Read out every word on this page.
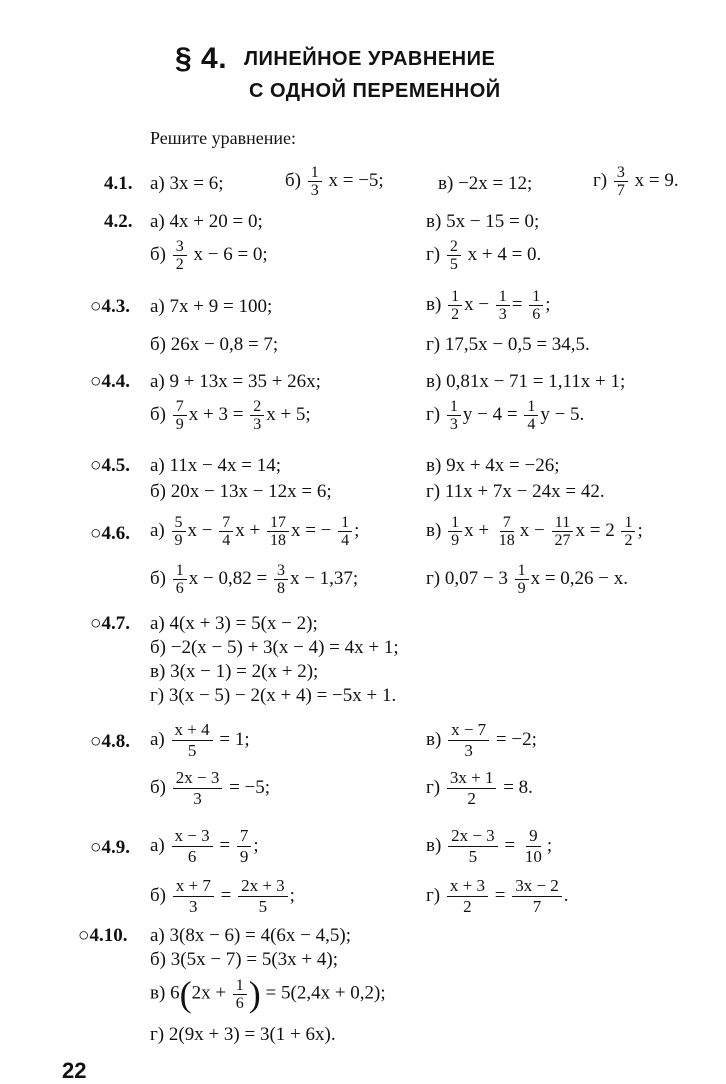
§ 4. ЛИНЕЙНОЕ УРАВНЕНИЕ
С ОДНОЙ ПЕРЕМЕННОЙ
Решите уравнение:
4.1. а) 3x = 6;	$б) \frac{1}{3}$ x = −5;	в) −2x = 12;	$г) \frac{3}{7}$ x = 9.
4.2. а) 4x + 20 = 0;	в) 5x − 15 = 0;
$б) \frac{3}{2}$ x − 6 = 0;	$г) \frac{2}{5}$ x + 4 = 0.
○4.3. а) 7x + 9 = 100;	$в) \frac{1}{2}$ $x - \frac{1}{3} = \frac{1}{6}$ ;
б) 26x − 0,8 = 7;	г) 17,5x − 0,5 = 34,5.
○4.4. а) 9 + 13x = 35 + 26x;	в) 0,81x − 71 = 1,11x + 1;
$б) \frac{7}{9}$ $x + 3 = \frac{2}{3}$ x + 5;	$г) \frac{1}{3}$ $y - 4 = \frac{1}{4}$ y − 5.
○4.5. а) 11x − 4x = 14;	в) 9x + 4x = −26;
б) 20x − 13x − 12x = 6;	г) 11x + 7x − 24x = 42.
○4.6. $а) \frac{5}{9}$ $x - \frac{7}{4}$ $x + \frac{17}{18}$ x = − $\frac{1}{4}$ ;	$в) \frac{1}{9}$ $x + \frac{7}{18}$ $x - \frac{11}{27}$ $x = 2 \frac{1}{2}$ ;
$б) \frac{1}{6}$ $x - 0,82 = \frac{3}{8}$ x − 1,37;	г) $0,07 - 3 \frac{1}{9}$ x = 0,26 − x.
○4.7. а) 4(x + 3) = 5(x − 2);
б) −2(x − 5) + 3(x − 4) = 4x + 1;
в) 3(x − 1) = 2(x + 2);
г) 3(x − 5) − 2(x + 4) = −5x + 1.
○4.8. $а) \frac{x + 4}{5} = 1$;	$в) \frac{x - 7}{3} = -2$;
$б) \frac{2x - 3}{3} = -5$;	$г) \frac{3x + 1}{2} = 8$.
○4.9. $а) \frac{x - 3}{6} = \frac{7}{9}$ ;	$в) \frac{2x - 3}{5} = \frac{9}{10}$ ;
$б) \frac{x + 7}{3} = \frac{2x + 3}{5}$ ;	$г) \frac{x + 3}{2} = \frac{3x - 2}{7}$ .
○4.10. а) 3(8x − 6) = 4(6x − 4,5);
б) 3(5x − 7) = 5(3x + 4);
в) $6(2x + \frac{1}{6}$ ) = 5(2,4x + 0,2);
г) 2(9x + 3) = 3(1 + 6x).
22
